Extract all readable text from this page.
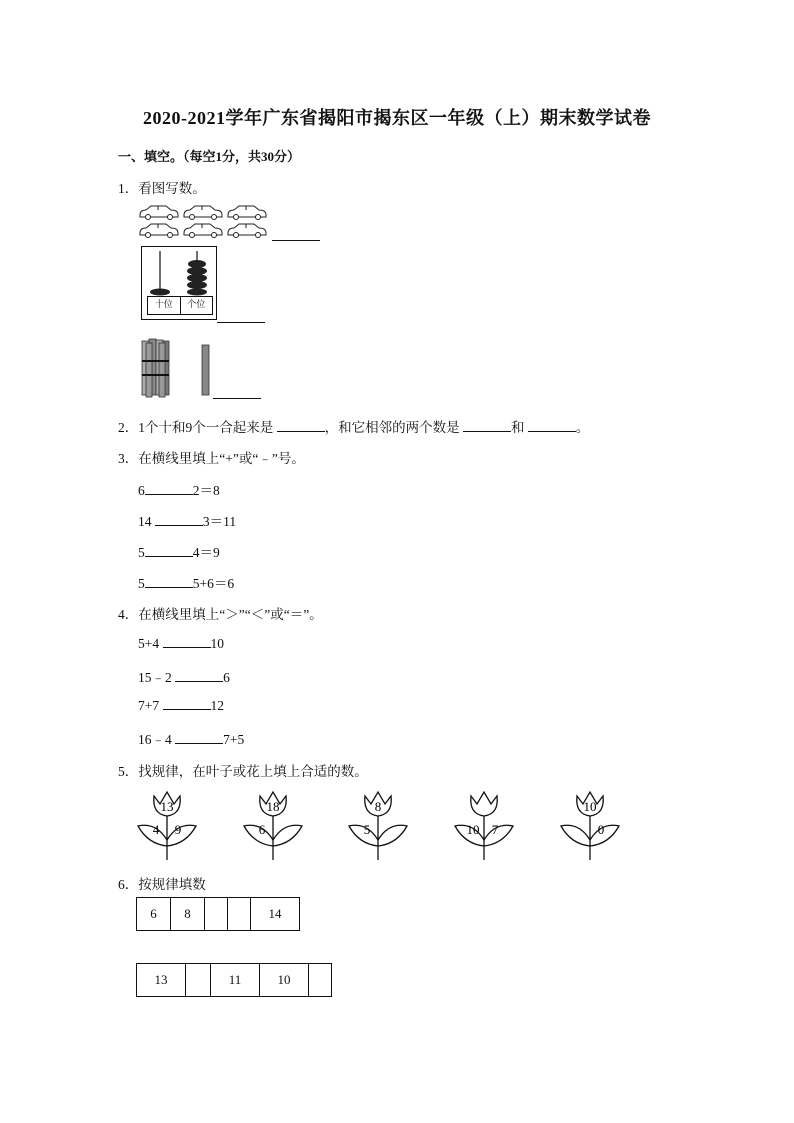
2020-2021学年广东省揭阳市揭东区一年级（上）期末数学试卷
一、填空。（每空1分，共30分）
1．看图写数。
十位	个位
2．1个十和9个一合起来是	，和它相邻的两个数是	和	。
3．在横线里填上“+”或“﹣”号。
6	2＝8
14	3＝11
5	4＝9
5	5+6＝6
4．在横线里填上“＞”“＜”或“＝”。
5+4	10
15﹣2	6
7+7	12
16﹣4	7+5
5．找规律，在叶子或花上填上合适的数。
13
4 9
18
6
8
5	10 7
10
0
6．按规律填数
6	8			14
13		11	10	
